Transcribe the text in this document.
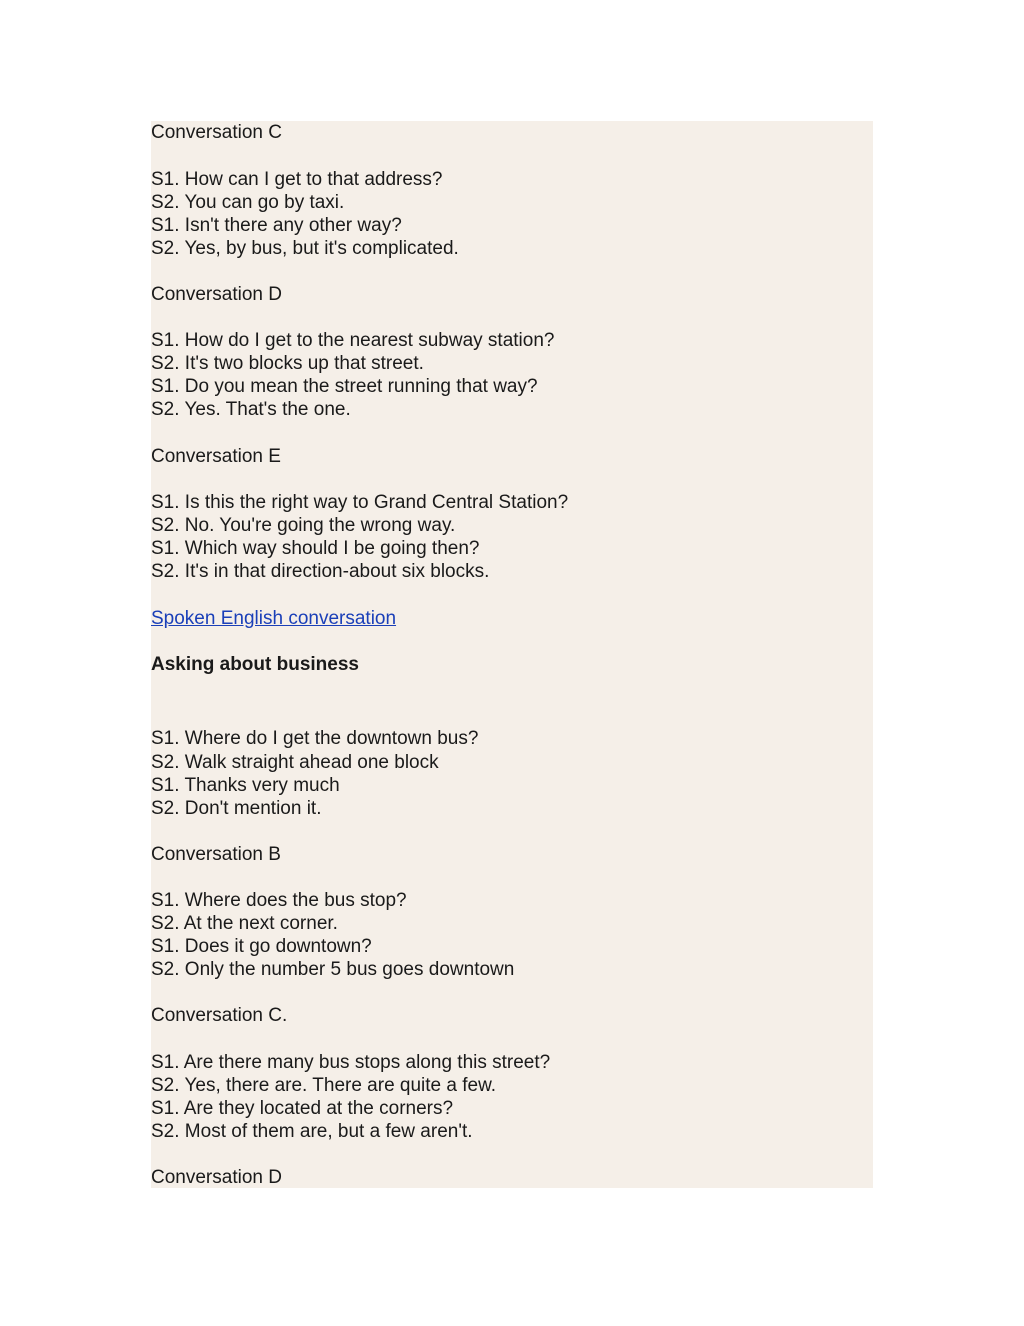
Conversation C
S1. How can I get to that address?
S2. You can go by taxi.
S1. Isn't there any other way?
S2. Yes, by bus, but it's complicated.
Conversation D
S1. How do I get to the nearest subway station?
S2. It's two blocks up that street.
S1. Do you mean the street running that way?
S2. Yes. That's the one.
Conversation E
S1. Is this the right way to Grand Central Station?
S2. No. You're going the wrong way.
S1. Which way should I be going then?
S2. It's in that direction-about six blocks.
Spoken English conversation
Asking about business
S1. Where do I get the downtown bus?
S2. Walk straight ahead one block
S1. Thanks very much
S2. Don't mention it.
Conversation B
S1. Where does the bus stop?
S2. At the next corner.
S1. Does it go downtown?
S2. Only the number 5 bus goes downtown
Conversation C.
S1. Are there many bus stops along this street?
S2. Yes, there are. There are quite a few.
S1. Are they located at the corners?
S2. Most of them are, but a few aren't.
Conversation D
